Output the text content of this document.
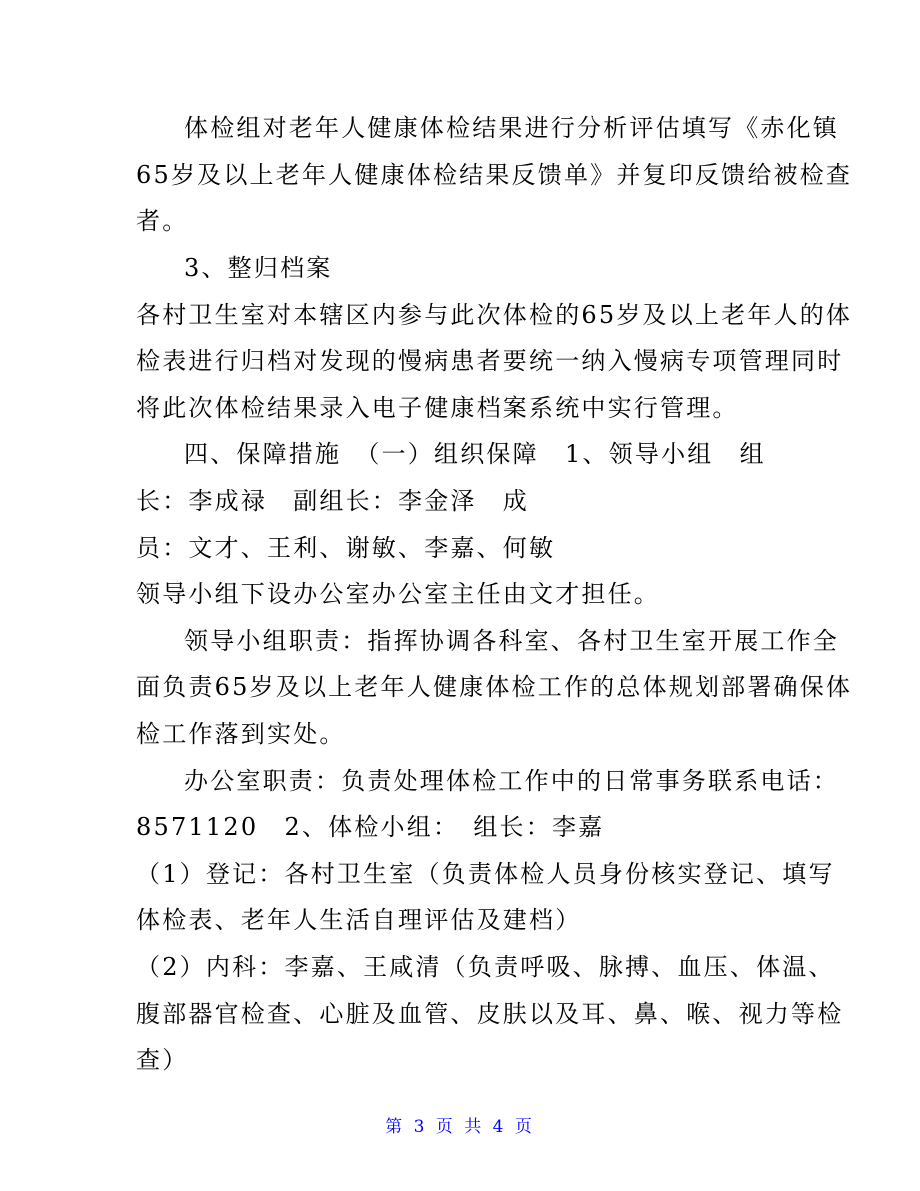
体检组对老年人健康体检结果进行分析评估填写《赤化镇
65岁及以上老年人健康体检结果反馈单》并复印反馈给被检查
者。
3、整归档案
各村卫生室对本辖区内参与此次体检的65岁及以上老年人的体
检表进行归档对发现的慢病患者要统一纳入慢病专项管理同时
将此次体检结果录入电子健康档案系统中实行管理。
四、保障措施　（一）组织保障　1、领导小组　组
长：李成禄　副组长：李金泽　成
员：文才、王利、谢敏、李嘉、何敏
领导小组下设办公室办公室主任由文才担任。
领导小组职责：指挥协调各科室、各村卫生室开展工作全
面负责65岁及以上老年人健康体检工作的总体规划部署确保体
检工作落到实处。
办公室职责：负责处理体检工作中的日常事务联系电话：
8571120　2、体检小组：　组长：李嘉
（1）登记：各村卫生室（负责体检人员身份核实登记、填写
体检表、老年人生活自理评估及建档）
（2）内科：李嘉、王咸清（负责呼吸、脉搏、血压、体温、
腹部器官检查、心脏及血管、皮肤以及耳、鼻、喉、视力等检
查）
第 3 页 共 4 页
